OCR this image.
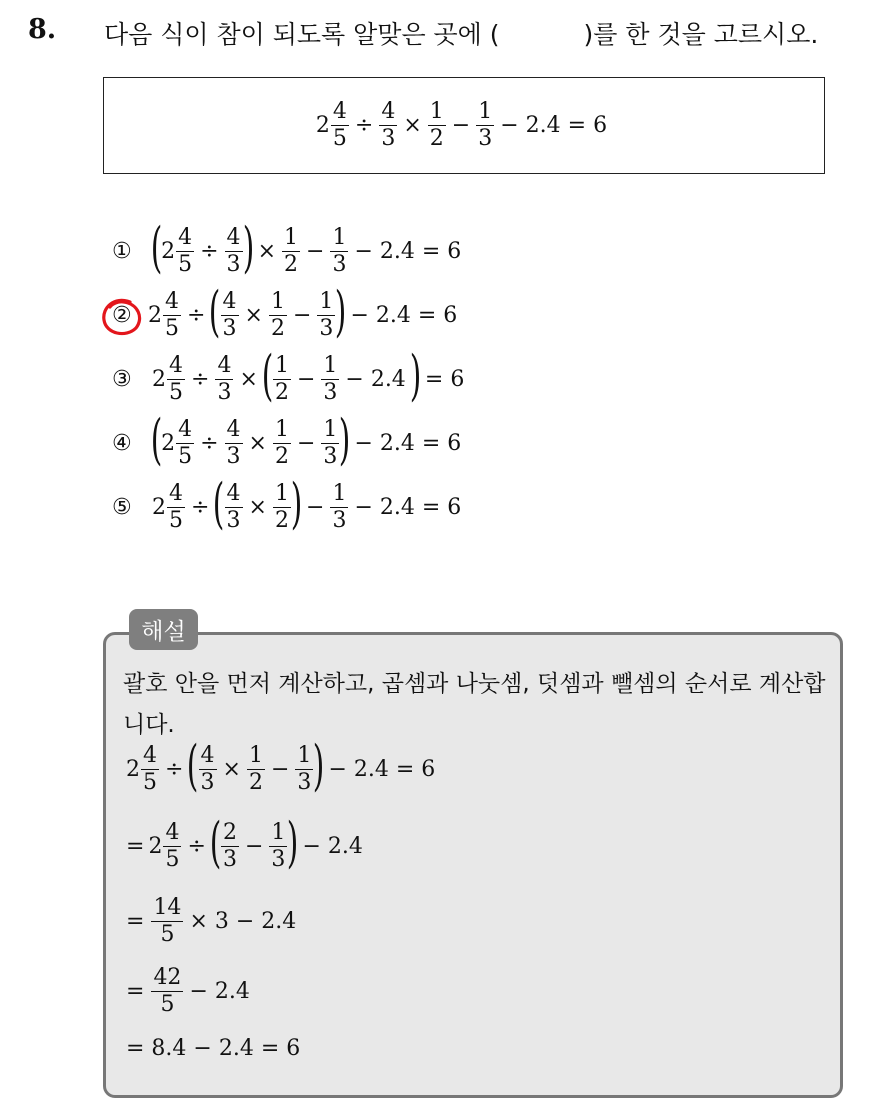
8. 다음 식이 참이 되도록 알맞은 곳에 (	)를 한 것을 고르시오.
$2 \frac{4}{5} \div \frac{4}{3} \times \frac{1}{2} - \frac{1}{3} - 2.4 = 6$
① (
$2 \frac{4}{5} \div \frac{4}{3}$ ) × $\frac{1}{2} - \frac{1}{3} - 2.4 = 6$
② $2 \frac{4}{5}$ ÷ ( $\frac{4}{3} \times \frac{1}{2} - \frac{1}{3}$ ) − 2.4 = 6
③ $2 \frac{4}{5} \div \frac{4}{3}$ × ( $\frac{1}{2} - \frac{1}{3} - 2.4$ ) = 6
④ (
$2 \frac{4}{5} \div \frac{4}{3} \times \frac{1}{2} - \frac{1}{3}$ ) − 2.4 = 6
⑤ $2 \frac{4}{5}$ ÷ ( $\frac{4}{3} \times \frac{1}{2}$ ) − $\frac{1}{3} - 2.4 = 6$
해설
괄호 안을 먼저 계산하고, 곱셈과 나눗셈, 덧셈과 뺄셈의 순서로 계산합니다.
$2 \frac{4}{5}$ ÷ ( $\frac{4}{3} \times \frac{1}{2} - \frac{1}{3}$ ) − 2.4 = 6
= $2 \frac{4}{5}$ ÷ ( $\frac{2}{3} - \frac{1}{3}$ ) − 2.4
= $\frac{14}{5} \times 3 - 2.4$
= $\frac{42}{5} - 2.4$
= 8.4 − 2.4 = 6
